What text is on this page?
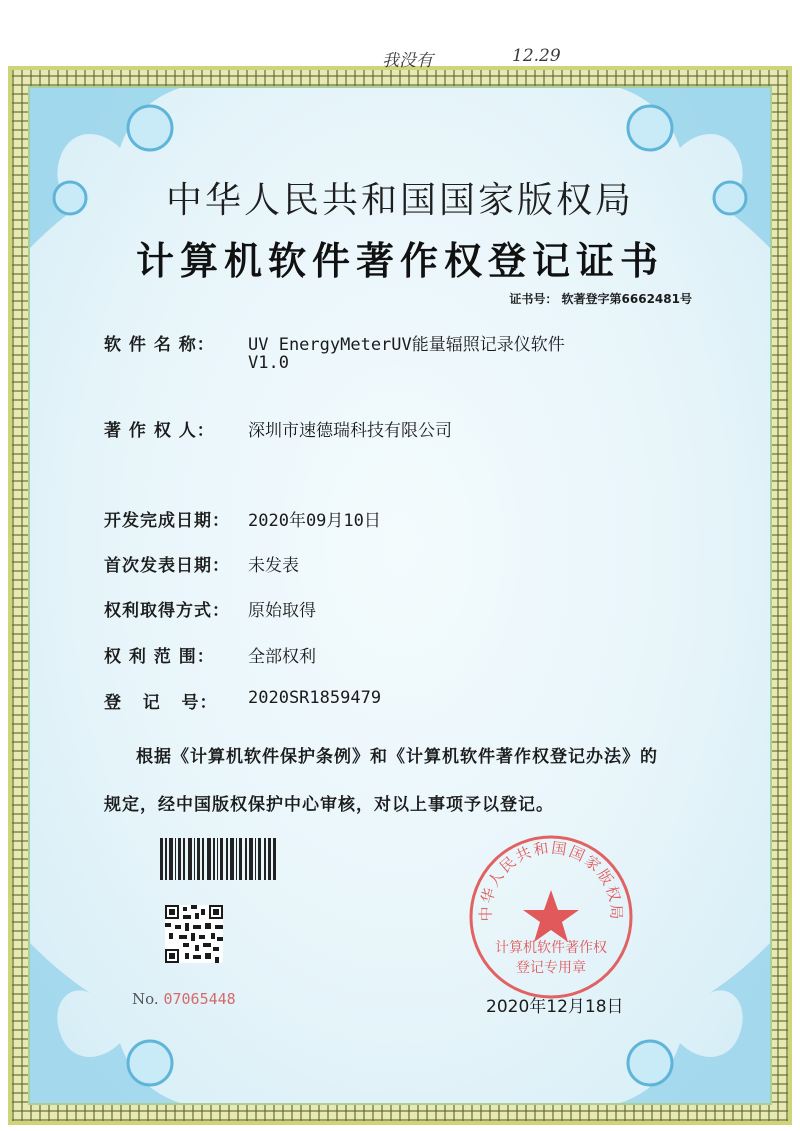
我没有	12.29
中华人民共和国国家版权局
计算机软件著作权登记证书
证书号： 软著登字第6662481号
软 件 名 称： UV EnergyMeterUV能量辐照记录仪软件
V1.0
著 作 权 人： 深圳市速德瑞科技有限公司
开发完成日期： 2020年09月10日
首次发表日期： 未发表
权利取得方式： 原始取得
权 利 范 围： 全部权利
登   记   号： 2020SR1859479
根据《计算机软件保护条例》和《计算机软件著作权登记办法》的
规定，经中国版权保护中心审核，对以上事项予以登记。
No. 07065448
中华人民共和国国家版权局
计算机软件著作权
登记专用章
2020年12月18日
